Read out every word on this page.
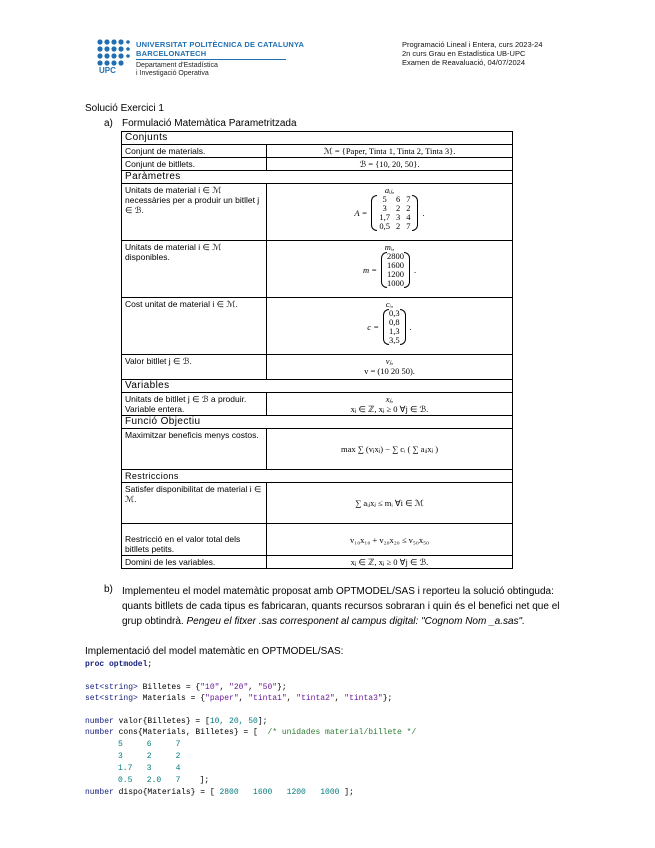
UPC
UNIVERSITAT POLITÈCNICA DE CATALUNYA
BARCELONATECH
Departament d'Estadística
i Investigació Operativa
Programació Lineal i Entera, curs 2023-24
2n curs Grau en Estadística UB-UPC
Examen de Reavaluació, 04/07/2024
Solució Exercici 1
a) Formulació Matemàtica Parametritzada
Conjunts
Conjunt de materials.	ℳ = {Paper, Tinta 1, Tinta 2, Tinta 3}.
Conjunt de bitllets.	ℬ = {10, 20, 50}.
Paràmetres
Unitats de material i ∈ ℳ necessàries per a produir un bitllet j ∈ ℬ.	
aᵢⱼ,
A =
5	6	7
3	2	2
1,7	3	4
0,5	2	7
.

Unitats de material i ∈ ℳ disponibles.	
mᵢ,
m =
2800
1600
1200
1000
.

Cost unitat de material i ∈ ℳ.	cᵢ,
c =
0,3
0,8
1,3
3,5
.

Valor bitllet j ∈ ℬ.	vⱼ,
v = (10 20 50).

Variables
Unitats de bitllet j ∈ ℬ a produir. Variable entera.	
xⱼ,
xⱼ ∈ ℤ, xⱼ ≥ 0 ∀j ∈ ℬ.

Funció Objectiu
Maximitzar beneficis menys costos.	max ∑ (vⱼxⱼ) − ∑ cᵢ ( ∑ aᵢⱼxⱼ )
Restriccions
Satisfer disponibilitat de material i ∈ ℳ.	∑ aᵢⱼxⱼ ≤ mᵢ ∀i ∈ ℳ
Restricció en el valor total dels bitllets petits.	v₁₀x₁₀ + v₂₀x₂₀ ≤ v₅₀x₅₀
Domini de les variables.	xⱼ ∈ ℤ, xⱼ ≥ 0 ∀j ∈ ℬ.
b) Implementeu el model matemàtic proposat amb OPTMODEL/SAS i reporteu la solució obtinguda: quants bitllets de cada tipus es fabricaran, quants recursos sobraran i quin és el benefici net que el grup obtindrà. Pengeu el fitxer .sas corresponent al campus digital: "Cognom Nom _a.sas".
Implementació del model matemàtic en OPTMODEL/SAS:
proc optmodel;
set<string> Billetes = {"10", "20", "50"};
set<string> Materials = {"paper", "tinta1", "tinta2", "tinta3"};
number valor{Billetes} = [10, 20, 50];
number cons{Materials, Billetes} = [  /* unidades material/billete */
5     6     7
3     2     2
1.7   3     4
0.5   2.0   7    ];
number dispo{Materials} = [ 2800   1600   1200   1000 ];
